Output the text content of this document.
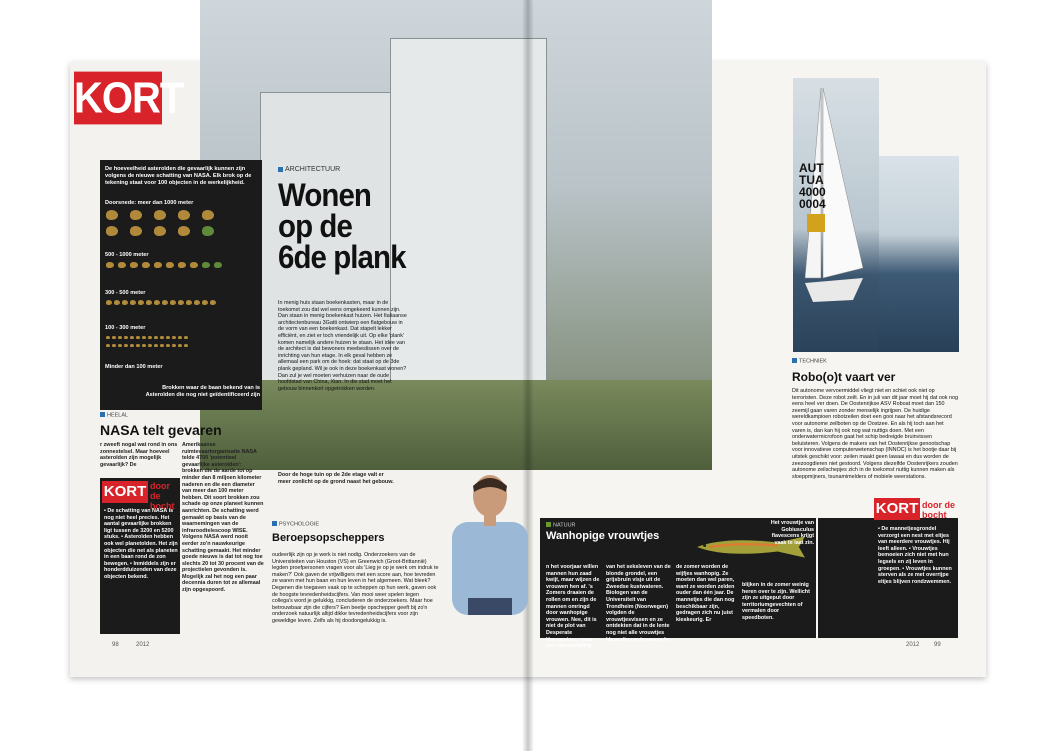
KORT
De hoeveelheid asteroïden die gevaarlijk kunnen zijn volgens de nieuwe schatting van NASA. Elk brok op de tekening staat voor 100 objecten in de werkelijkheid.
Doorsnede: meer dan 1000 meter
500 - 1000 meter
300 - 500 meter
100 - 300 meter
Minder dan 100 meter
Brokken waar de baan bekend van is Asteroïden die nog niet geïdentificeerd zijn
HEELAL
NASA telt gevaren
r zweeft nogal wat rond in ons zonnestelsel. Maar hoeveel asteroïden zijn mogelijk gevaarlijk? De
Amerikaanse ruimtevaartorganisatie NASA telde 4700 'potentieel gevaarlijke asteroïden': brokken die de aarde tot op minder dan 8 miljoen kilometer naderen en die een diameter van meer dan 100 meter hebben. Dit soort brokken zou schade op onze planeet kunnen aanrichten. De schatting werd gemaakt op basis van de waarnemingen van de infraroodtelescoop WISE. Volgens NASA werd nooit eerder zo'n nauwkeurige schatting gemaakt. Het minder goede nieuws is dat tot nog toe slechts 20 tot 30 procent van de projectielen gevonden is. Mogelijk zal het nog een paar decennia duren tot ze allemaal zijn opgespoord.
KORT door de bocht
• De schatting van NASA is nog niet heel precies. Het aantal gevaarlijke brokken ligt tussen de 3200 en 5200 stuks. • Asteroïden hebben ook wel planetoïden. Het zijn objecten die net als planeten in een baan rond de zon bewegen. • Inmiddels zijn er honderdduizenden van deze objecten bekend.
ARCHITECTUUR
Wonen op de 6de plank
In menig huis staan boekenkasten, maar in de toekomst zou dat wel eens omgekeerd kunnen zijn. Dan staan in menig boekenkast huizen. Het Italiaanse architectenbureau 3Gatti ontwierp een flatgebouw in de vorm van een boekenkast. Dat stapelt lekker efficiënt, en ziet er toch vriendelijk uit. Op elke 'plank' komen namelijk andere huizen te staan. Het idee van de architect is dat bewoners meebeslissen over de inrichting van hun etage. In elk geval hebben ze allemaal een park om de hoek: dat staat op de 3de plank gepland. Wil je ook in deze boekenkast wonen? Dan zul je wel moeten verhuizen naar de oude hoofdstad van China, Xian. In die stad moet het gebouw binnenkort opgetrokken worden.
Door de hoge tuin op de 2de etage valt er meer zonlicht op de grond naast het gebouw.
PSYCHOLOGIE
Beroepsopscheppers
oudeerlijk zijn op je werk is niet nodig. Onderzoekers van de Universiteiten van Houston (VS) en Greenwich (Groot-Brittannië) legden proefpersonen vragen voor als 'Lieg je op je werk om indruk te maken?' Ook gaven de vrijwilligers met een score aan, hoe tevreden ze waren met hun baan en hun leven in het algemeen. Wat bleek? Degenen die toegaven vaak op te scheppen op hun werk, gaven ook de hoogste tevredenheidscijfers. Van mooi weer spelen tegen collega's word je gelukkig, concluderen de onderzoekers. Maar hoe betrouwbaar zijn die cijfers? Een beetje opschepper geeft bij zo'n onderzoek natuurlijk altijd dikke tevredenheidscijfers voor zijn geweldige leven. Zelfs als hij doodongelukkig is.
98	2012
AUT TUA 4000 0004
TECHNIEK
Robo(o)t vaart ver
Dit autonome vervoermiddel vliegt niet en schiet ook niet op terroristen. Deze robot zeilt. En in juli van dit jaar moet hij dat ook nog eens heel ver doen. De Oostenrijkse ASV Roboat moet dan 150 zeemijl gaan varen zonder menselijk ingrijpen. De huidige wereldkampioen robotzeilen doet een gooi naar het afstandsrecord voor autonome zeilboten op de Oostzee. En als hij toch aan het varen is, dan kan hij ook nog wat nuttigs doen. Met een onderwatermicrofoon gaat het schip bedreigde bruinvissen beluisteren. Volgens de makers van het Oostenrijkse genootschap voor innovatieve computerwetenschap (INNOC) is het bootje daar bij uitstek geschikt voor: zeilen maakt geen lawaai en dus worden de zeezoogdieren niet gestoord. Volgens diezelfde Oostenrijkers zouden autonome zeilschepjes zich in de toekomst nuttig kunnen maken als sloeppmijners, tsunamimelders of mobiele weerstations.
NATUUR
Wanhopige vrouwtjes
Het vrouwtje van Gobiusculus flavescens krijgt vaak te laat zin.
n het voorjaar willen mannen hun zaad kwijt, maar wijzen de vrouwen hen af. 's Zomers draaien de rollen om en zijn de mannen omringd door wanhopige vrouwen. Nee, dit is niet de plot van Desperate Housewives, maar een samenvatting
van het seksleven van de blonde grondel, een grijsbruin visje uit de Zweedse kustwateren. Biologen van de Universiteit van Trondheim (Noorwegen) volgden de vrouwtjesvissen en ze ontdekten dat in de lente nog niet alle vrouwtjes klaar zijn om te paren. In
de zomer worden de wijfjes wanhopig. Ze moeten dan wel paren, want ze worden zelden ouder dan één jaar. De mannetjes die dan nog beschikbaar zijn, gedragen zich nu juist kieskeurig. Er
blijken in de zomer weinig heren over te zijn. Wellicht zijn ze uitgeput door territoriumgevechten of vermalen door speedboten.
KORT door de bocht
• De mannetjesgrondel verzorgt een nest met eitjes van meerdere vrouwtjes. Hij leeft alleen. • Vrouwtjes bemoeien zich niet met hun legsels en zij leven in groepen. • Vrouwtjes kunnen sterven als ze met overrijpe eitjes blijven rondzwemmen.
2012 99
